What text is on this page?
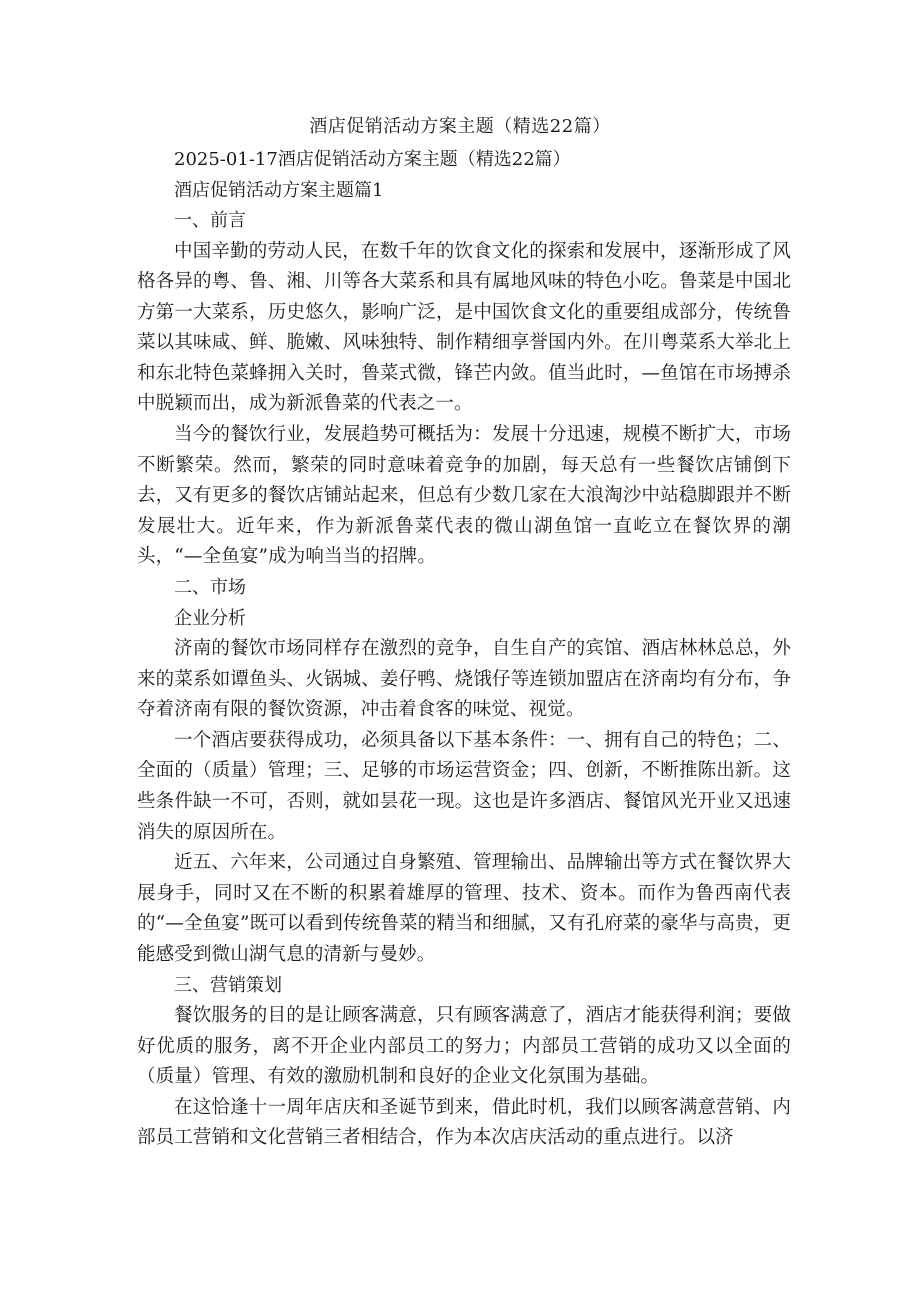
酒店促销活动方案主题（精选22篇）

2025-01-17酒店促销活动方案主题（精选22篇）

酒店促销活动方案主题篇1

一、前言

中国辛勤的劳动人民，在数千年的饮食文化的探索和发展中，逐渐形成了风格各异的粤、鲁、湘、川等各大菜系和具有属地风味的特色小吃。鲁菜是中国北方第一大菜系，历史悠久，影响广泛，是中国饮食文化的重要组成部分，传统鲁菜以其味咸、鲜、脆嫩、风味独特、制作精细享誉国内外。在川粤菜系大举北上和东北特色菜蜂拥入关时，鲁菜式微，锋芒内敛。值当此时，—鱼馆在市场搏杀中脱颖而出，成为新派鲁菜的代表之一。

当今的餐饮行业，发展趋势可概括为：发展十分迅速，规模不断扩大，市场不断繁荣。然而，繁荣的同时意味着竞争的加剧，每天总有一些餐饮店铺倒下去，又有更多的餐饮店铺站起来，但总有少数几家在大浪淘沙中站稳脚跟并不断发展壮大。近年来，作为新派鲁菜代表的微山湖鱼馆一直屹立在餐饮界的潮头，“—全鱼宴”成为响当当的招牌。

二、市场

企业分析

济南的餐饮市场同样存在激烈的竞争，自生自产的宾馆、酒店林林总总，外来的菜系如谭鱼头、火锅城、姜仔鸭、烧饿仔等连锁加盟店在济南均有分布，争夺着济南有限的餐饮资源，冲击着食客的味觉、视觉。

一个酒店要获得成功，必须具备以下基本条件：一、拥有自己的特色；二、全面的（质量）管理；三、足够的市场运营资金；四、创新，不断推陈出新。这些条件缺一不可，否则，就如昙花一现。这也是许多酒店、餐馆风光开业又迅速消失的原因所在。

近五、六年来，公司通过自身繁殖、管理输出、品牌输出等方式在餐饮界大展身手，同时又在不断的积累着雄厚的管理、技术、资本。而作为鲁西南代表的“—全鱼宴”既可以看到传统鲁菜的精当和细腻，又有孔府菜的豪华与高贵，更能感受到微山湖气息的清新与曼妙。

三、营销策划

餐饮服务的目的是让顾客满意，只有顾客满意了，酒店才能获得利润；要做好优质的服务，离不开企业内部员工的努力；内部员工营销的成功又以全面的（质量）管理、有效的激励机制和良好的企业文化氛围为基础。

在这恰逢十一周年店庆和圣诞节到来，借此时机，我们以顾客满意营销、内部员工营销和文化营销三者相结合，作为本次店庆活动的重点进行。以济
